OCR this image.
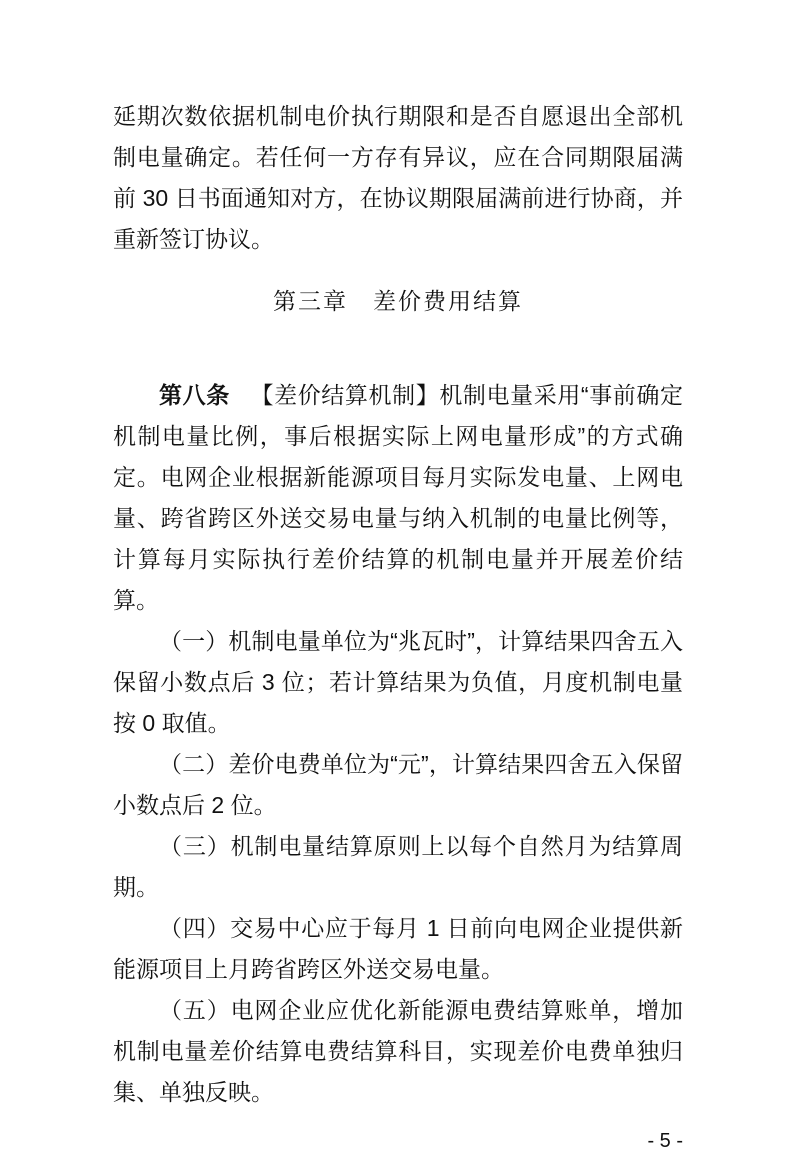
延期次数依据机制电价执行期限和是否自愿退出全部机制电量确定。若任何一方存有异议，应在合同期限届满前 30 日书面通知对方，在协议期限届满前进行协商，并重新签订协议。

第三章　差价费用结算

第八条 【差价结算机制】机制电量采用“事前确定机制电量比例，事后根据实际上网电量形成”的方式确定。电网企业根据新能源项目每月实际发电量、上网电量、跨省跨区外送交易电量与纳入机制的电量比例等，计算每月实际执行差价结算的机制电量并开展差价结算。

（一）机制电量单位为“兆瓦时”，计算结果四舍五入保留小数点后 3 位；若计算结果为负值，月度机制电量按 0 取值。

（二）差价电费单位为“元”，计算结果四舍五入保留小数点后 2 位。

（三）机制电量结算原则上以每个自然月为结算周期。

（四）交易中心应于每月 1 日前向电网企业提供新能源项目上月跨省跨区外送交易电量。

（五）电网企业应优化新能源电费结算账单，增加机制电量差价结算电费结算科目，实现差价电费单独归集、单独反映。

- 5 -
